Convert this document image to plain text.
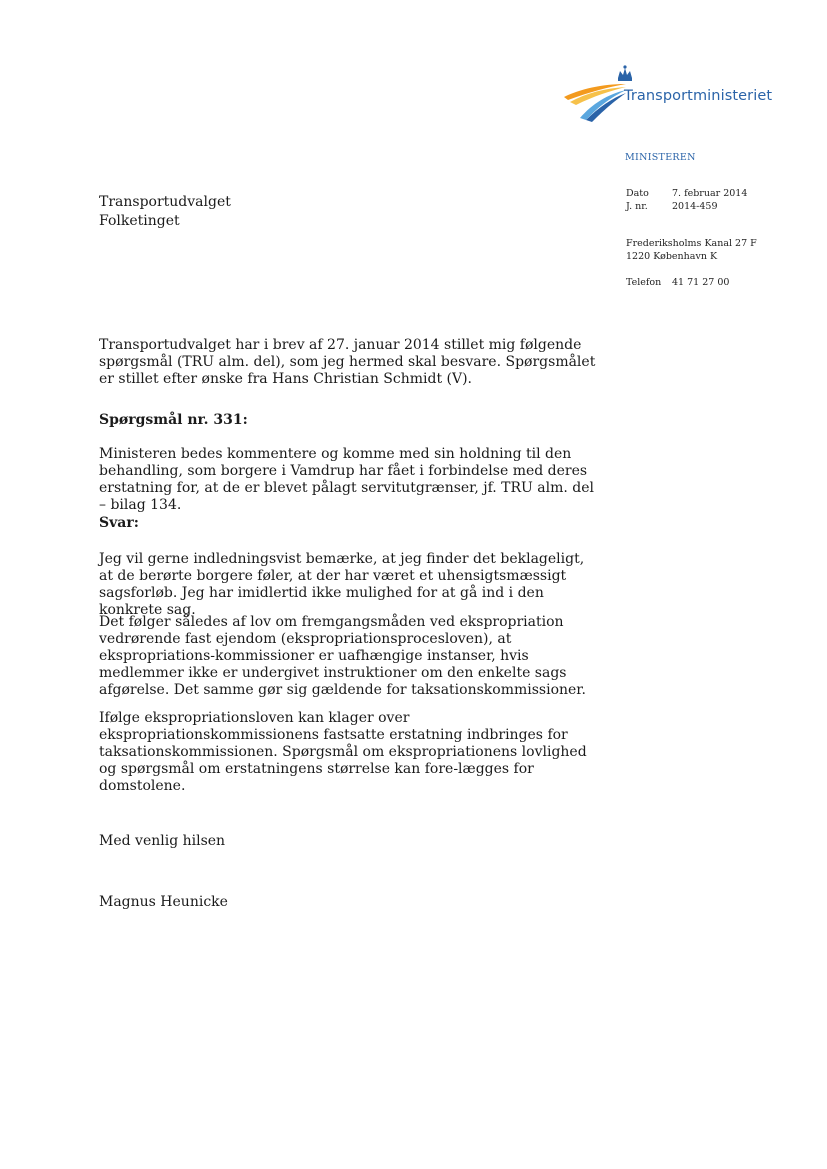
Transportministeriet
MINISTEREN
Dato 7. februar 2014
J. nr.	2014-459
Frederiksholms Kanal 27 F
1220 København K
Telefon 41 71 27 00
Transportudvalget
Folketinget
Transportudvalget har i brev af 27. januar 2014 stillet mig følgende spørgsmål (TRU alm. del), som jeg hermed skal besvare. Spørgsmålet er stillet efter ønske fra Hans Christian Schmidt (V).
Spørgsmål nr. 331:
Ministeren bedes kommentere og komme med sin holdning til den behandling, som borgere i Vamdrup har fået i forbindelse med deres erstatning for, at de er blevet pålagt servitutgrænser, jf. TRU alm. del – bilag 134.
Svar:
Jeg vil gerne indledningsvist bemærke, at jeg finder det beklageligt, at de berørte borgere føler, at der har været et uhensigtsmæssigt sagsforløb. Jeg har imidlertid ikke mulighed for at gå ind i den konkrete sag.
Det følger således af lov om fremgangsmåden ved ekspropriation vedrørende fast ejendom (ekspropriationsprocesloven), at ekspropriations-kommissioner er uafhængige instanser, hvis medlemmer ikke er undergivet instruktioner om den enkelte sags afgørelse. Det samme gør sig gældende for taksationskommissioner.
Ifølge ekspropriationsloven kan klager over ekspropriationskommissionens fastsatte erstatning indbringes for taksationskommissionen. Spørgsmål om ekspropriationens lovlighed og spørgsmål om erstatningens størrelse kan fore-lægges for domstolene.
Med venlig hilsen
Magnus Heunicke
